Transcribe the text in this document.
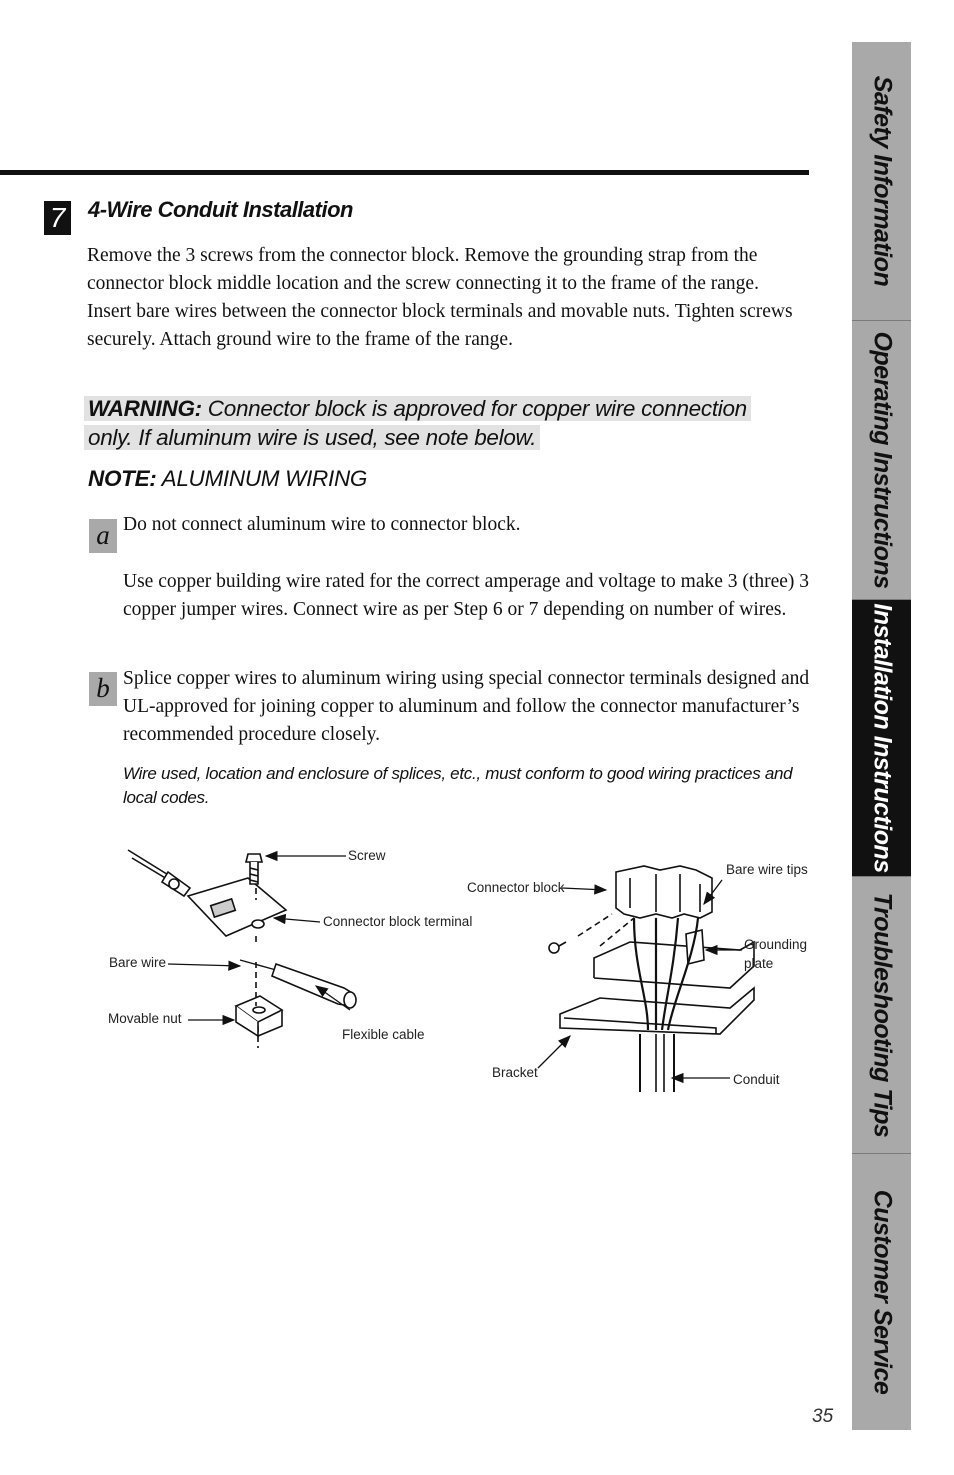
7 4-Wire Conduit Installation
Remove the 3 screws from the connector block. Remove the grounding strap from the connector block middle location and the screw connecting it to the frame of the range. Insert bare wires between the connector block terminals and movable nuts. Tighten screws securely. Attach ground wire to the frame of the range.
WARNING: Connector block is approved for copper wire connection
only. If aluminum wire is used, see note below.
NOTE: ALUMINUM WIRING
a Do not connect aluminum wire to connector block.
Use copper building wire rated for the correct amperage and voltage to make 3 (three) 3 copper jumper wires. Connect wire as per Step 6 or 7 depending on number of wires.
b Splice copper wires to aluminum wiring using special connector terminals designed and UL-approved for joining copper to aluminum and follow the connector manufacturer’s recommended procedure closely.
Wire used, location and enclosure of splices, etc., must conform to good wiring practices and local codes.
Screw
Connector block terminal
Bare wire
Movable nut
Flexible cable
Connector block
Bare wire tips
Grounding
plate
Bracket	Conduit
Safety Information
Operating Instructions
Installation Instructions
Troubleshooting Tips
Customer Service
35
